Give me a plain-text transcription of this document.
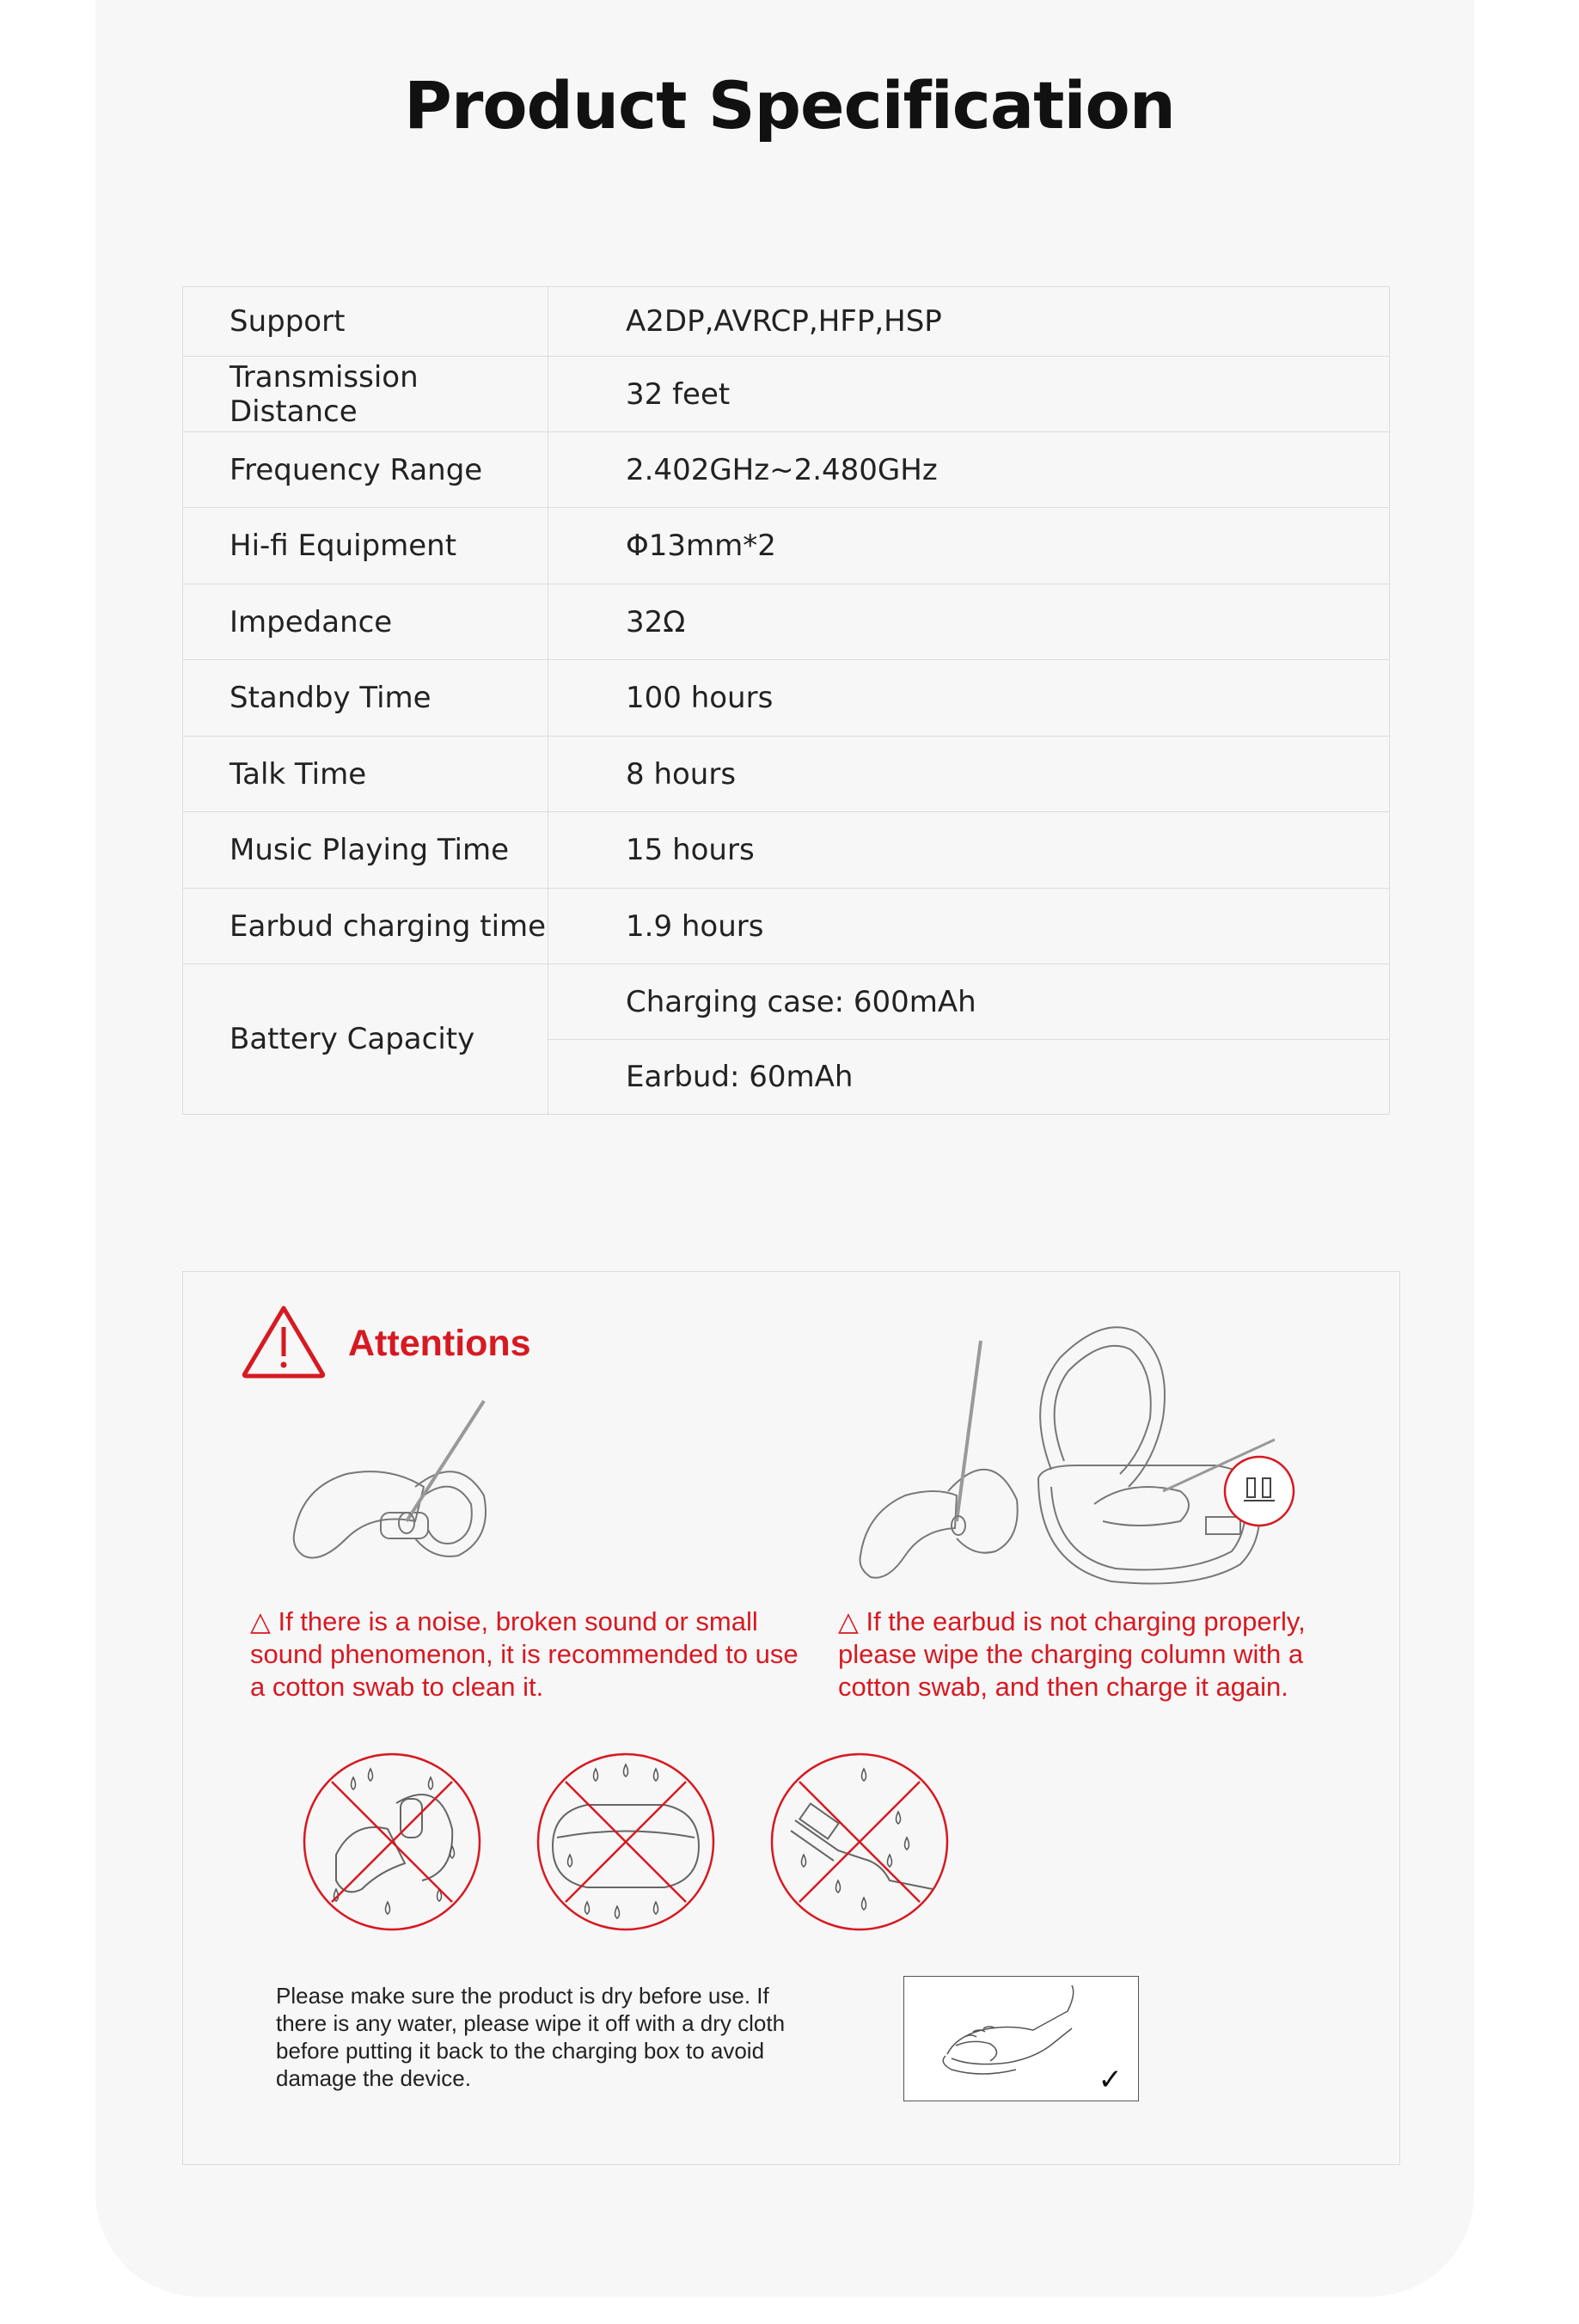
Product Specification
Support	A2DP,AVRCP,HFP,HSP
Transmission Distance	32 feet
Frequency Range	2.402GHz~2.480GHz
Hi-fi Equipment	Φ13mm*2
Impedance	32Ω
Standby Time	100 hours
Talk Time	8 hours
Music Playing Time	15 hours
Earbud charging time	1.9 hours
Battery Capacity	Charging case: 600mAh
	Earbud: 60mAh
Attentions
△ If there is a noise, broken sound or small sound phenomenon, it is recommended to use a cotton swab to clean it.
△ If the earbud is not charging properly, please wipe the charging column with a cotton swab, and then charge it again.
Please make sure the product is dry before use. If there is any water, please wipe it off with a dry cloth before putting it back to the charging box to avoid damage the device.	✓
